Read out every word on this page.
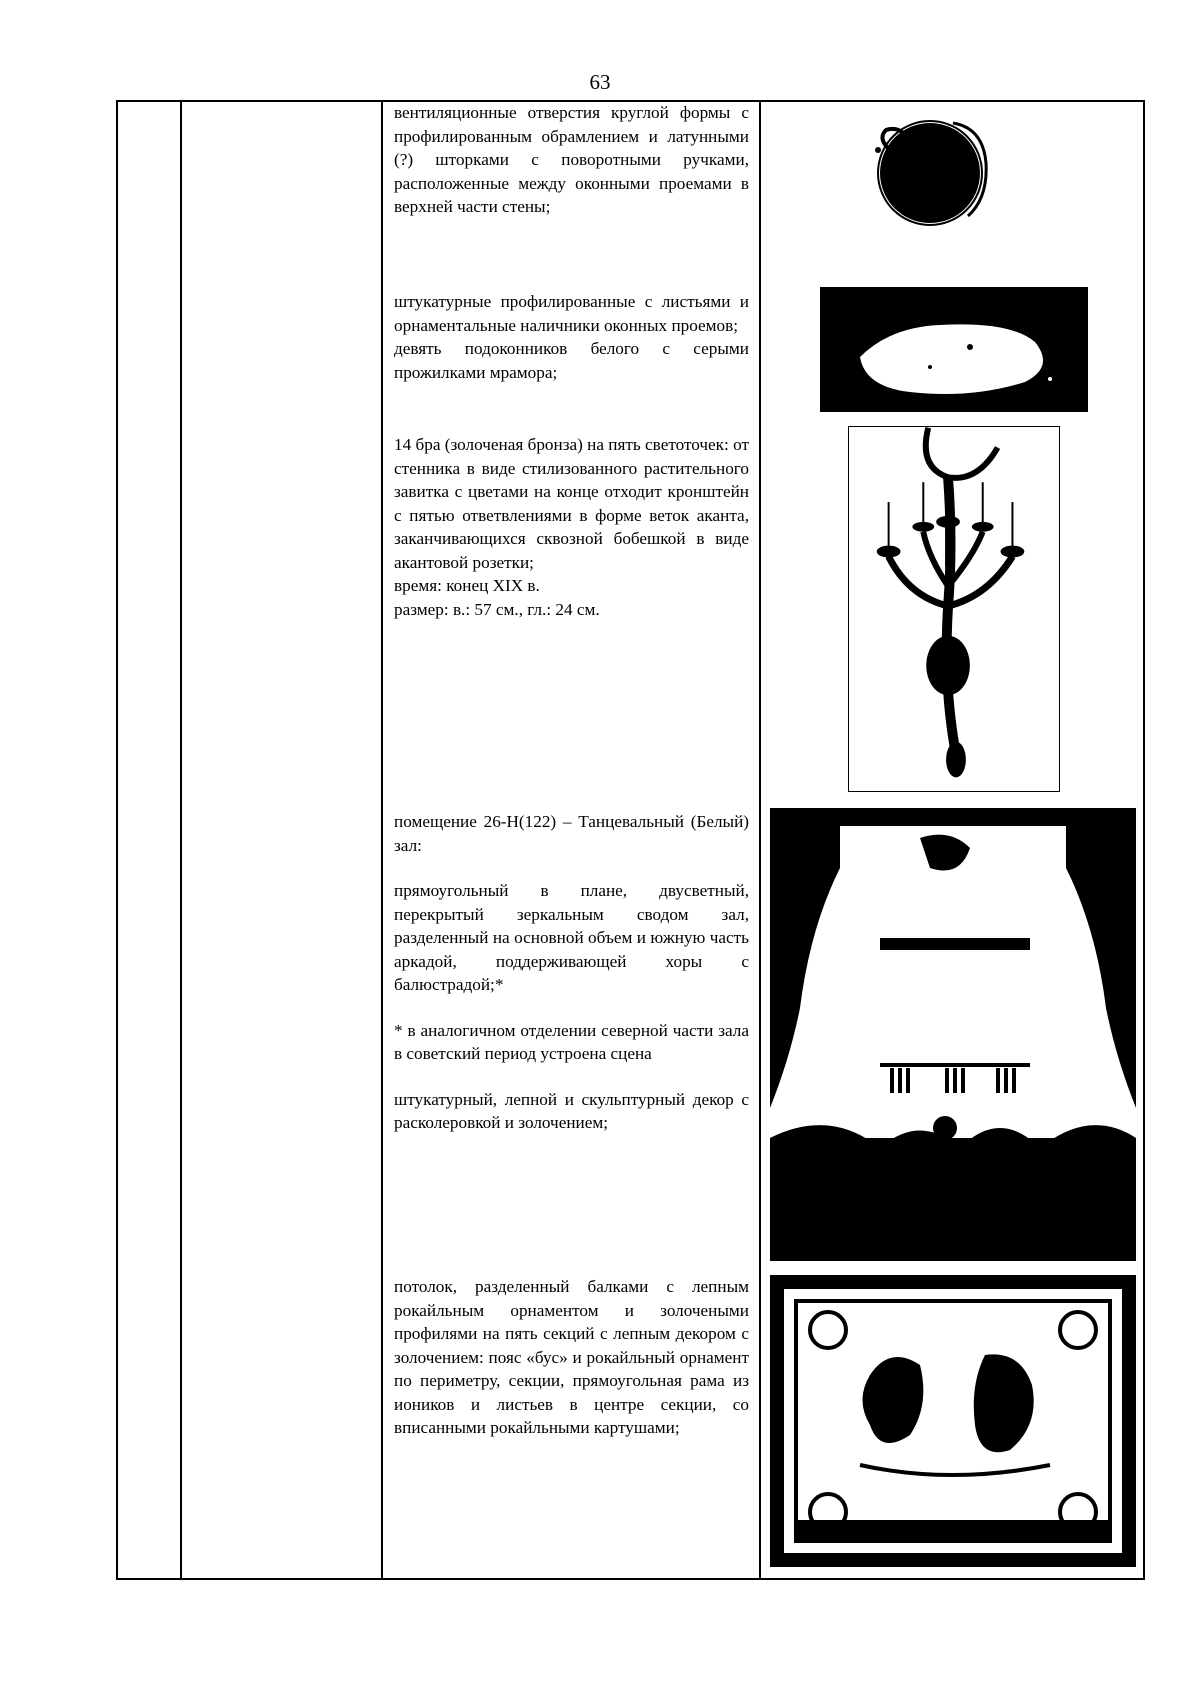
63

вентиляционные отверстия круглой формы с профилированным обрамлением и латунными (?) шторками с поворотными ручками, расположенные между оконными проемами в верхней части стены;

штукатурные профилированные с листьями и орнаментальные наличники оконных проемов;

девять подоконников белого с серыми прожилками мрамора;

14 бра (золоченая бронза) на пять светоточек: от стенника в виде стилизованного растительного завитка с цветами на конце отходит кронштейн с пятью ответвлениями в форме веток аканта, заканчивающихся сквозной бобешкой в виде акантовой розетки;

время: конец XIX в.

размер: в.: 57 см., гл.: 24 см.

помещение 26-Н(122) – Танцевальный (Белый) зал:

прямоугольный в плане, двусветный, перекрытый зеркальным сводом зал, разделенный на основной объем и южную часть аркадой, поддерживающей хоры с балюстрадой;*

* в аналогичном отделении северной части зала в советский период устроена сцена

штукатурный, лепной и скульптурный декор с расколеровкой и золочением;

потолок, разделенный балками с лепным рокайльным орнаментом и золочеными профилями на пять секций с лепным декором с золочением: пояс «бус» и рокайльный орнамент по периметру, секции, прямоугольная рама из иоников и листьев в центре секции, со вписанными рокайльными картушами;
